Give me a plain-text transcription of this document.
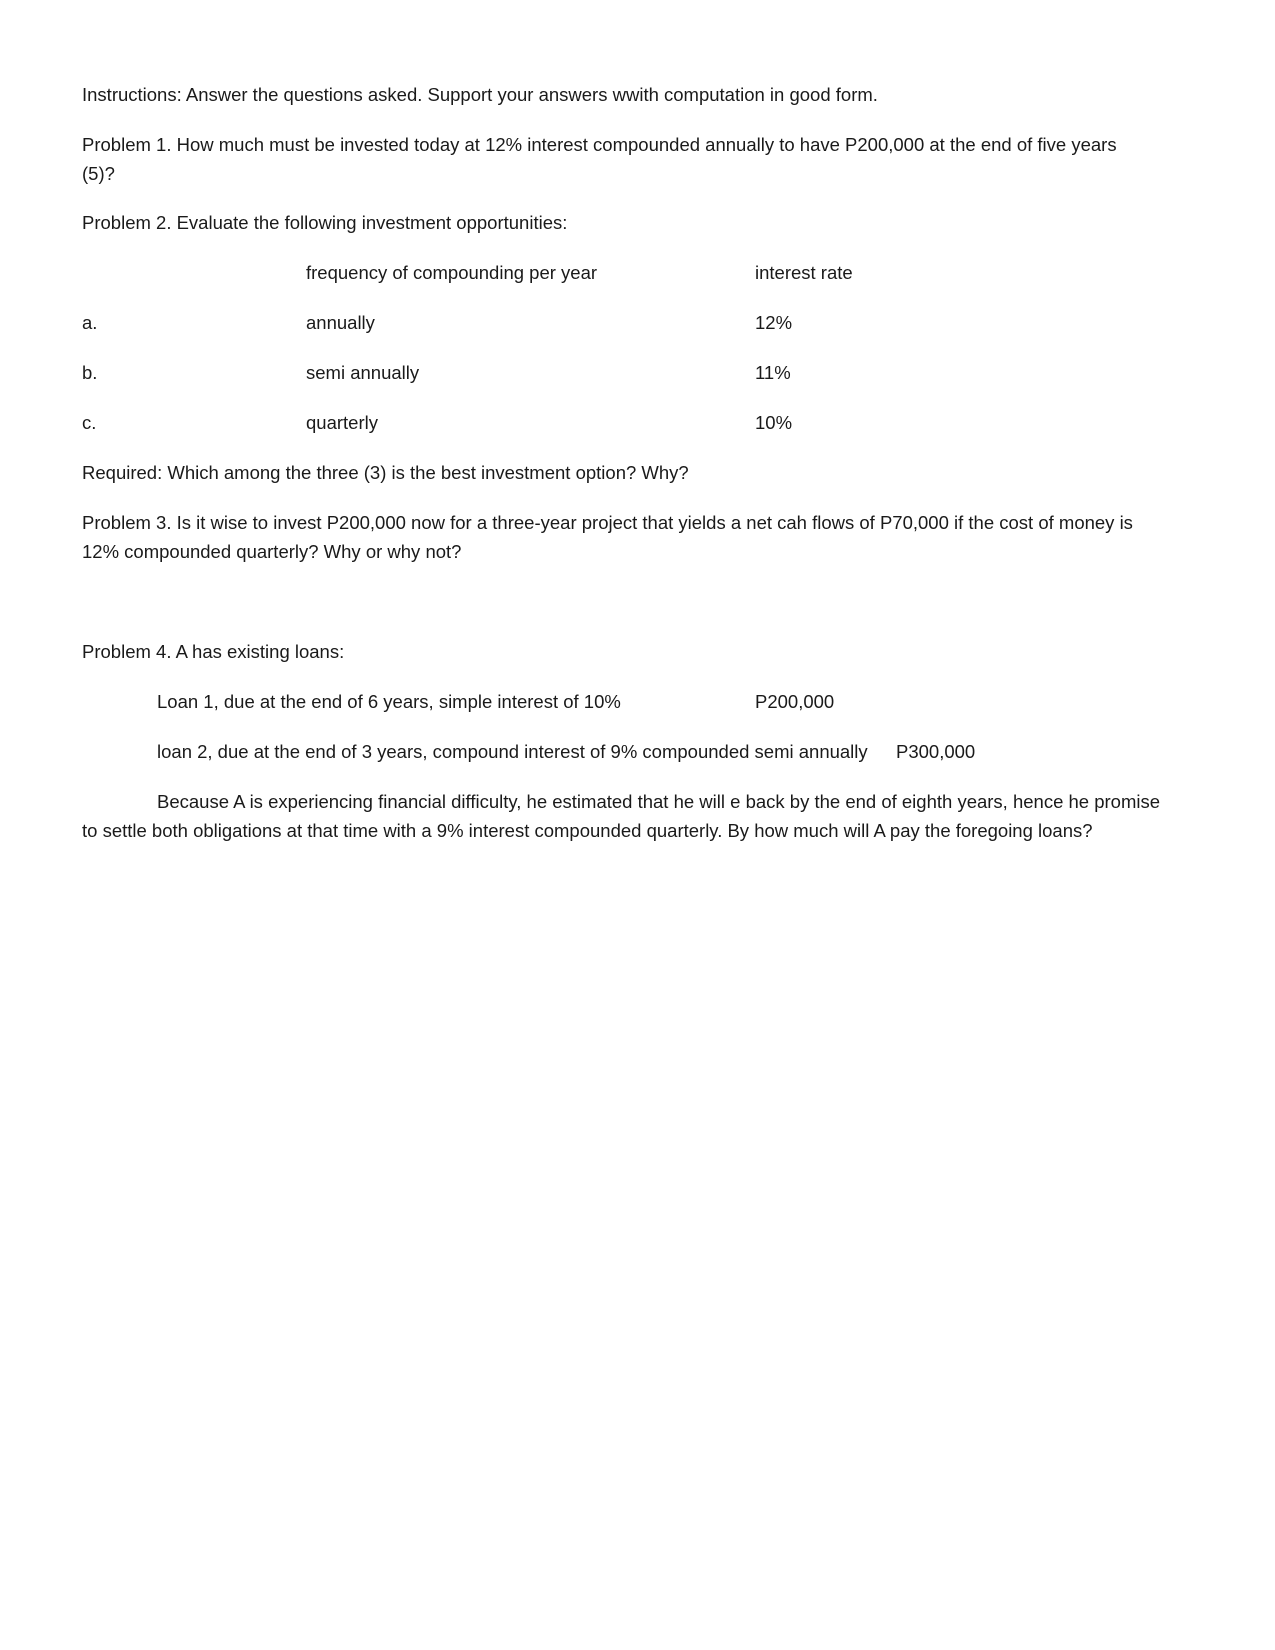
Instructions: Answer the questions asked. Support your answers wwith computation in good form.
Problem 1. How much must be invested today at 12% interest compounded annually to have P200,000 at the end of five years
(5)?
Problem 2. Evaluate the following investment opportunities:
frequency of compounding per year	interest rate
a.	annually	12%
b.	semi annually	11%
c.	quarterly	10%
Required: Which among the three (3) is the best investment option? Why?
Problem 3. Is it wise to invest P200,000 now for a three-year project that yields a net cah flows of P70,000 if the cost of money is
12% compounded quarterly? Why or why not?
Problem 4. A has existing loans:
Loan 1, due at the end of 6 years, simple interest of 10%	P200,000
loan 2, due at the end of 3 years, compound interest of 9% compounded semi annually P300,000
Because A is experiencing financial difficulty, he estimated that he will e back by the end of eighth years, hence he promise
to settle both obligations at that time with a 9% interest compounded quarterly. By how much will A pay the foregoing loans?
